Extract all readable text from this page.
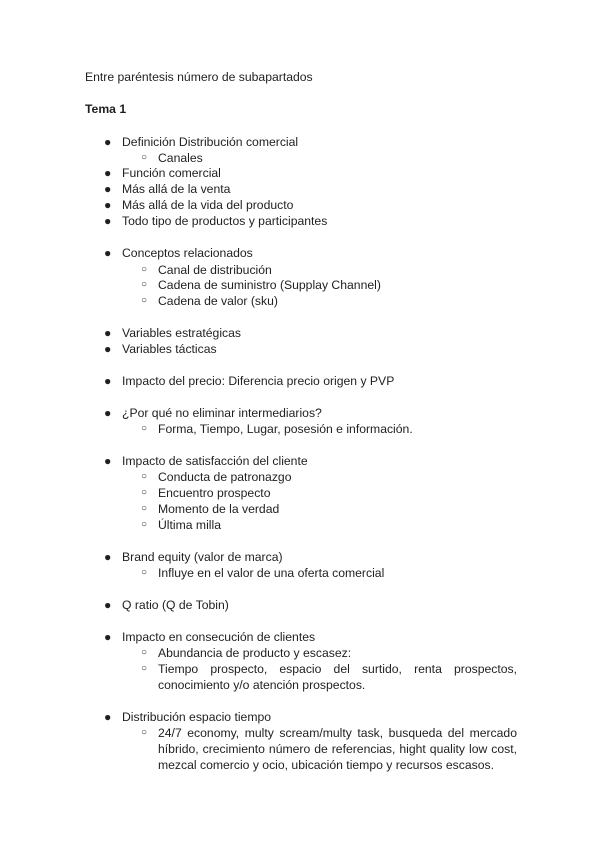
Entre paréntesis número de subapartados
Tema 1
● Definición Distribución comercial
○ Canales
● Función comercial
● Más allá de la venta
● Más allá de la vida del producto
● Todo tipo de productos y participantes
● Conceptos relacionados
○ Canal de distribución
○ Cadena de suministro (Supplay Channel)
○ Cadena de valor (sku)
● Variables estratégicas
● Variables tácticas
● Impacto del precio: Diferencia precio origen y PVP
● ¿Por qué no eliminar intermediarios?
○ Forma, Tiempo, Lugar, posesión e información.
● Impacto de satisfacción del cliente
○ Conducta de patronazgo
○ Encuentro prospecto
○ Momento de la verdad
○ Última milla
● Brand equity (valor de marca)
○ Influye en el valor de una oferta comercial
● Q ratio (Q de Tobin)
● Impacto en consecución de clientes
○ Abundancia de producto y escasez:
○ Tiempo prospecto, espacio del surtido, renta prospectos,
conocimiento y/o atención prospectos.
● Distribución espacio tiempo
○ 24/7 economy, multy scream/multy task, busqueda del mercado
híbrido, crecimiento número de referencias, hight quality low cost,
mezcal comercio y ocio, ubicación tiempo y recursos escasos.
